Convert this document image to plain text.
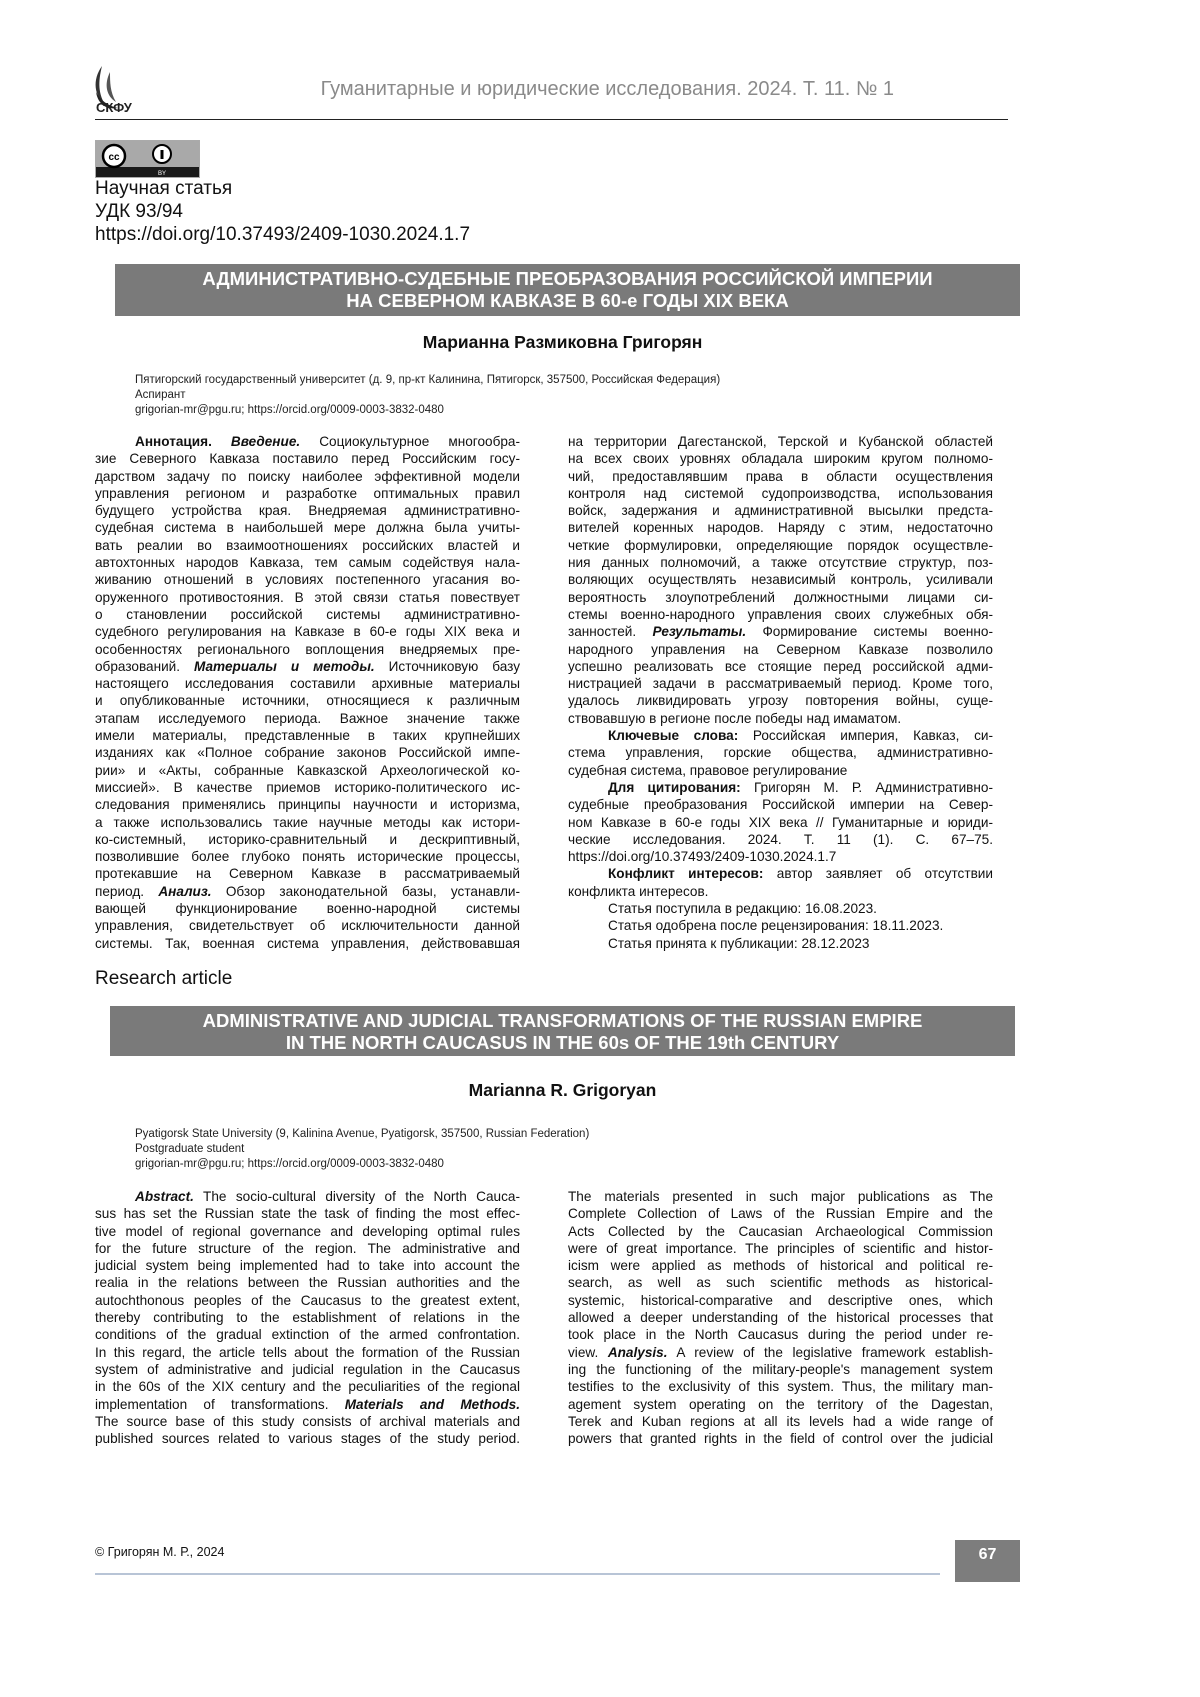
СКФУ
Гуманитарные и юридические исследования. 2024. Т. 11. № 1
cc
BY
Научная статья
УДК 93/94
https://doi.org/10.37493/2409-1030.2024.1.7
АДМИНИСТРАТИВНО-СУДЕБНЫЕ ПРЕОБРАЗОВАНИЯ РОССИЙСКОЙ ИМПЕРИИ
НА СЕВЕРНОМ КАВКАЗЕ В 60-е ГОДЫ XIX ВЕКА
Марианна Размиковна Григорян
Пятигорский государственный университет (д. 9, пр-кт Калинина, Пятигорск, 357500, Российская Федерация)
Аспирант
grigorian-mr@pgu.ru; https://orcid.org/0009-0003-3832-0480
Аннотация. Введение. Социокультурное многообра-
зие Северного Кавказа поставило перед Российским госу-
дарством задачу по поиску наиболее эффективной модели
управления регионом и разработке оптимальных правил
будущего устройства края. Внедряемая административно-
судебная система в наибольшей мере должна была учиты-
вать реалии во взаимоотношениях российских властей и
автохтонных народов Кавказа, тем самым содействуя нала-
живанию отношений в условиях постепенного угасания во-
оруженного противостояния. В этой связи статья повествует
о становлении российской системы административно-
судебного регулирования на Кавказе в 60-е годы XIX века и
особенностях регионального воплощения внедряемых пре-
образований. Материалы и методы. Источниковую базу
настоящего исследования составили архивные материалы
и опубликованные источники, относящиеся к различным
этапам исследуемого периода. Важное значение также
имели материалы, представленные в таких крупнейших
изданиях как «Полное собрание законов Российской импе-
рии» и «Акты, собранные Кавказской Археологической ко-
миссией». В качестве приемов историко-политического ис-
следования применялись принципы научности и историзма,
а также использовались такие научные методы как истори-
ко-системный, историко-сравнительный и дескриптивный,
позволившие более глубоко понять исторические процессы,
протекавшие на Северном Кавказе в рассматриваемый
период. Анализ. Обзор законодательной базы, устанавли-
вающей функционирование военно-народной системы
управления, свидетельствует об исключительности данной
системы. Так, военная система управления, действовавшая
на территории Дагестанской, Терской и Кубанской областей
на всех своих уровнях обладала широким кругом полномо-
чий, предоставлявшим права в области осуществления
контроля над системой судопроизводства, использования
войск, задержания и административной высылки предста-
вителей коренных народов. Наряду с этим, недостаточно
четкие формулировки, определяющие порядок осуществле-
ния данных полномочий, а также отсутствие структур, поз-
воляющих осуществлять независимый контроль, усиливали
вероятность злоупотреблений должностными лицами си-
стемы военно-народного управления своих служебных обя-
занностей. Результаты. Формирование системы военно-
народного управления на Северном Кавказе позволило
успешно реализовать все стоящие перед российской адми-
нистрацией задачи в рассматриваемый период. Кроме того,
удалось ликвидировать угрозу повторения войны, суще-
ствовавшую в регионе после победы над имаматом.
Ключевые слова: Российская империя, Кавказ, си-
стема управления, горские общества, административно-
судебная система, правовое регулирование
Для цитирования: Григорян М. Р. Административно-
судебные преобразования Российской империи на Север-
ном Кавказе в 60-е годы XIX века // Гуманитарные и юриди-
ческие исследования. 2024. Т. 11 (1). С. 67–75.
https://doi.org/10.37493/2409-1030.2024.1.7
Конфликт интересов: автор заявляет об отсутствии
конфликта интересов.
Статья поступила в редакцию: 16.08.2023.
Статья одобрена после рецензирования: 18.11.2023.
Статья принята к публикации: 28.12.2023
Research article
ADMINISTRATIVE AND JUDICIAL TRANSFORMATIONS OF THE RUSSIAN EMPIRE
IN THE NORTH CAUCASUS IN THE 60s OF THE 19th CENTURY
Marianna R. Grigoryan
Pyatigorsk State University (9, Kalinina Avenue, Pyatigorsk, 357500, Russian Federation)
Postgraduate student
grigorian-mr@pgu.ru; https://orcid.org/0009-0003-3832-0480
Abstract. The socio-cultural diversity of the North Cauca-
sus has set the Russian state the task of finding the most effec-
tive model of regional governance and developing optimal rules
for the future structure of the region. The administrative and
judicial system being implemented had to take into account the
realia in the relations between the Russian authorities and the
autochthonous peoples of the Caucasus to the greatest extent,
thereby contributing to the establishment of relations in the
conditions of the gradual extinction of the armed confrontation.
In this regard, the article tells about the formation of the Russian
system of administrative and judicial regulation in the Caucasus
in the 60s of the XIX century and the peculiarities of the regional
implementation of transformations. Materials and Methods.
The source base of this study consists of archival materials and
published sources related to various stages of the study period.
The materials presented in such major publications as The
Complete Collection of Laws of the Russian Empire and the
Acts Collected by the Caucasian Archaeological Commission
were of great importance. The principles of scientific and histor-
icism were applied as methods of historical and political re-
search, as well as such scientific methods as historical-
systemic, historical-comparative and descriptive ones, which
allowed a deeper understanding of the historical processes that
took place in the North Caucasus during the period under re-
view. Analysis. A review of the legislative framework establish-
ing the functioning of the military-people's management system
testifies to the exclusivity of this system. Thus, the military man-
agement system operating on the territory of the Dagestan,
Terek and Kuban regions at all its levels had a wide range of
powers that granted rights in the field of control over the judicial
© Григорян М. Р., 2024	67
